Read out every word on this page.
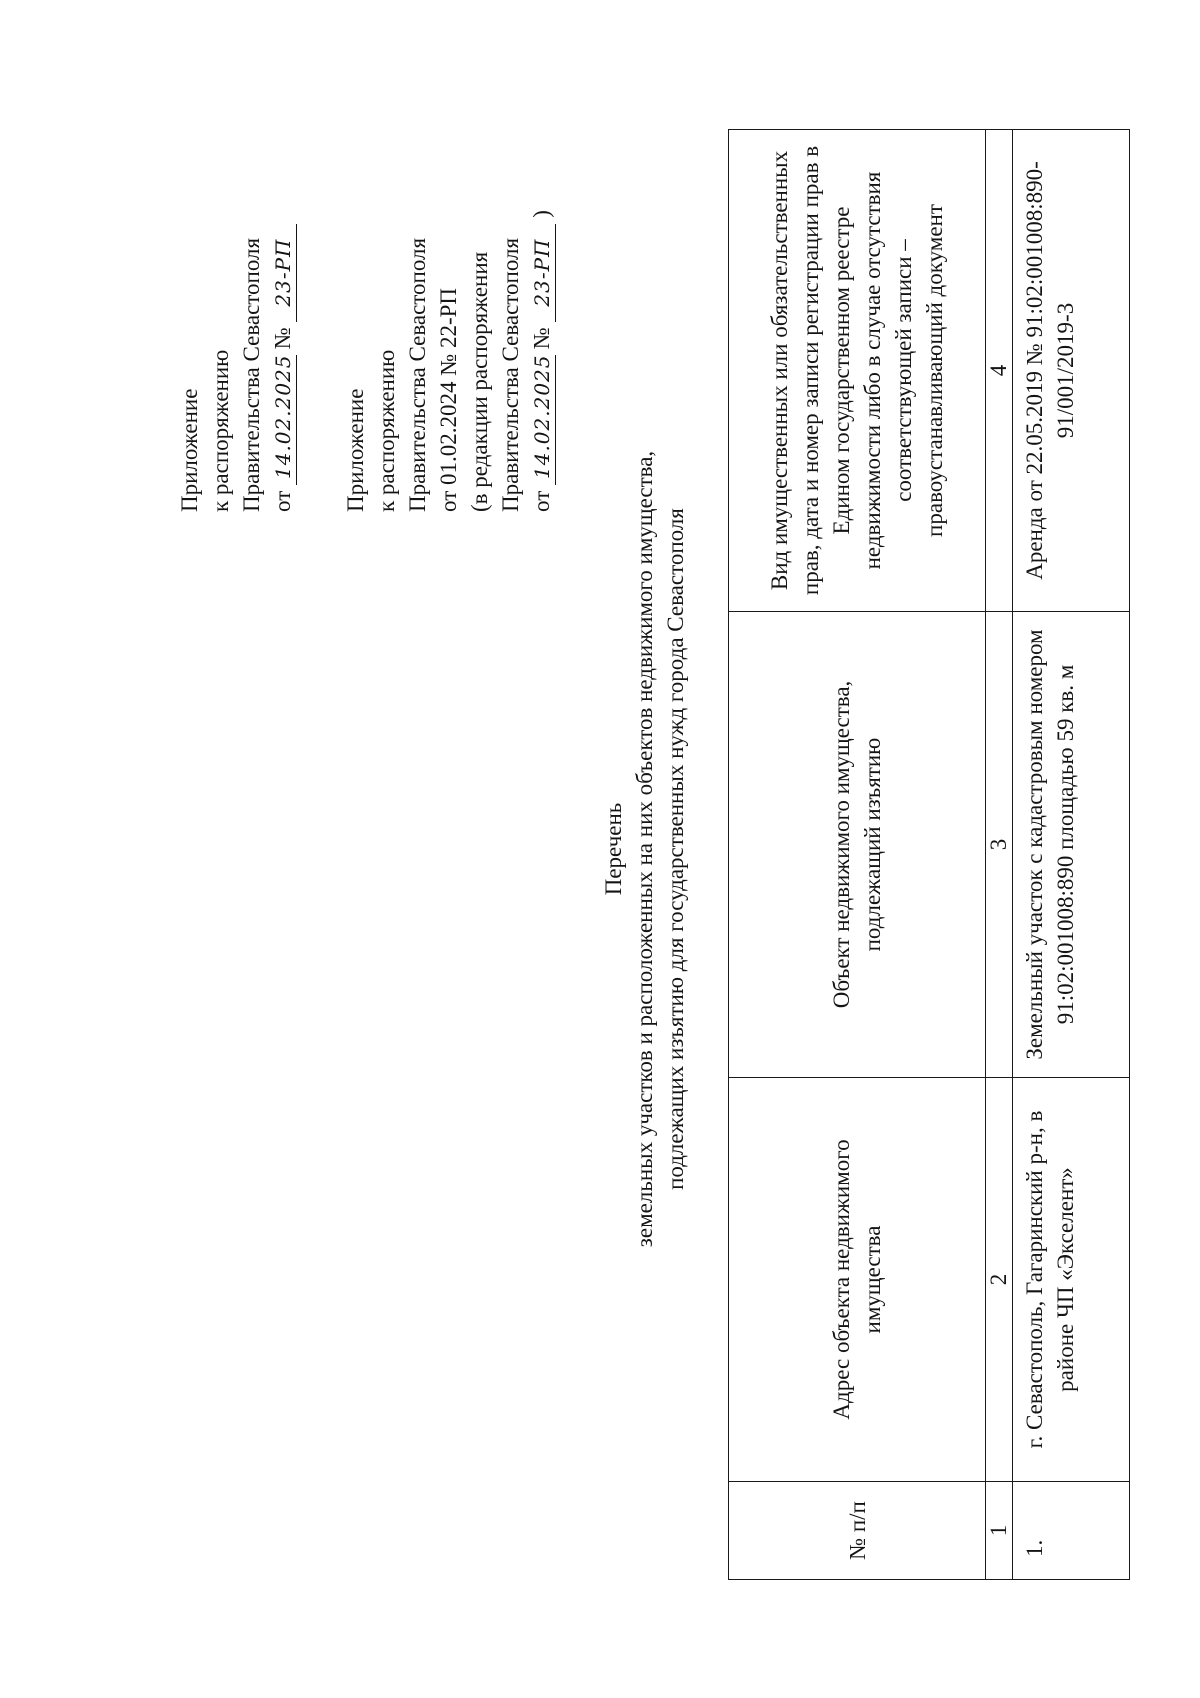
Приложение к распоряжению Правительства Севастополя от 14.02.2025 № 23-РП
Приложение к распоряжению Правительства Севастополя от 01.02.2024 № 22-РП (в редакции распоряжения Правительства Севастополя от 14.02.2025 № 23-РП )
Перечень земельных участков и расположенных на них объектов недвижимого имущества, подлежащих изъятию для государственных нужд города Севастополя
№ п/п	Адрес объекта недвижимого имущества	Объект недвижимого имущества, подлежащий изъятию	Вид имущественных или обязательственных прав, дата и номер записи регистрации прав в Едином государственном реестре недвижимости либо в случае отсутствия соответствующей записи – правоустанавливающий документ
1	2	3	4
1.	г. Севастополь, Гагаринский р-н, в районе ЧП «Экселент»	Земельный участок с кадастровым номером 91:02:001008:890 площадью 59 кв. м	Аренда от 22.05.2019 № 91:02:001008:890-91/001/2019-3
